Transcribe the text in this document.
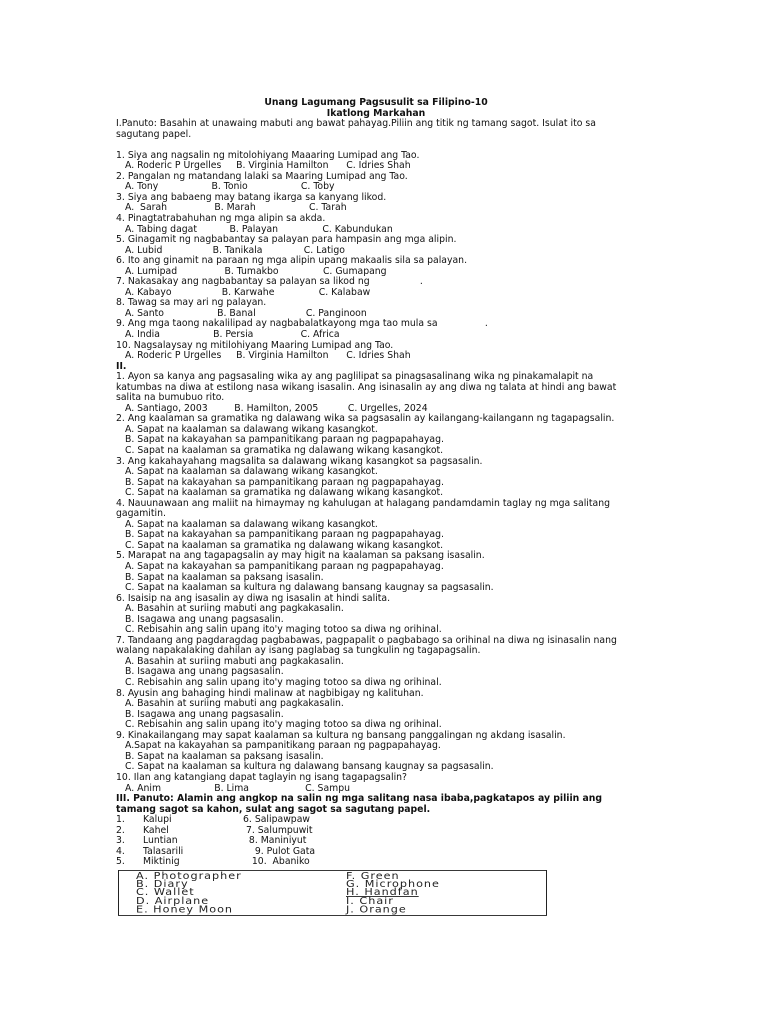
Unang Lagumang Pagsusulit sa Filipino-10
Ikatlong Markahan
I.Panuto: Basahin at unawaing mabuti ang bawat pahayag.Piliin ang titik ng tamang sagot. Isulat ito sa
sagutang papel.
1. Siya ang nagsalin ng mitolohiyang Maaaring Lumipad ang Tao.
A. Roderic P Urgelles     B. Virginia Hamilton      C. Idries Shah
2. Pangalan ng matandang lalaki sa Maaring Lumipad ang Tao.
A. Tony                  B. Tonio                  C. Toby
3. Siya ang babaeng may batang ikarga sa kanyang likod.
A.  Sarah                B. Marah                  C. Tarah
4. Pinagtatrabahuhan ng mga alipin sa akda.
A. Tabing dagat           B. Palayan               C. Kabundukan
5. Ginagamit ng nagbabantay sa palayan para hampasin ang mga alipin.
A. Lubid                 B. Tanikala              C. Latigo
6. Ito ang ginamit na paraan ng mga alipin upang makaalis sila sa palayan.
A. Lumipad                B. Tumakbo               C. Gumapang
7. Nakasakay ang nagbabantay sa palayan sa likod ng                 .
A. Kabayo                 B. Karwahe               C. Kalabaw
8. Tawag sa may ari ng palayan.
A. Santo                  B. Banal                 C. Panginoon
9. Ang mga taong nakalilipad ay nagbabalatkayong mga tao mula sa                .
A. India                  B. Persia                C. Africa
10. Nagsalaysay ng mitilohiyang Maaring Lumipad ang Tao.
A. Roderic P Urgelles     B. Virginia Hamilton      C. Idries Shah
II.
1. Ayon sa kanya ang pagsasaling wika ay ang paglilipat sa pinagsasalinang wika ng pinakamalapit na
katumbas na diwa at estilong nasa wikang isasalin. Ang isinasalin ay ang diwa ng talata at hindi ang bawat
salita na bumubuo rito.
A. Santiago, 2003         B. Hamilton, 2005          C. Urgelles, 2024
2. Ang kaalaman sa gramatika ng dalawang wika sa pagsasalin ay kailangang-kailangann ng tagapagsalin.
A. Sapat na kaalaman sa dalawang wikang kasangkot.
B. Sapat na kakayahan sa pampanitikang paraan ng pagpapahayag.
C. Sapat na kaalaman sa gramatika ng dalawang wikang kasangkot.
3. Ang kakahayahang magsalita sa dalawang wikang kasangkot sa pagsasalin.
A. Sapat na kaalaman sa dalawang wikang kasangkot.
B. Sapat na kakayahan sa pampanitikang paraan ng pagpapahayag.
C. Sapat na kaalaman sa gramatika ng dalawang wikang kasangkot.
4. Nauunawaan ang maliit na himaymay ng kahulugan at halagang pandamdamin taglay ng mga salitang
gagamitin.
A. Sapat na kaalaman sa dalawang wikang kasangkot.
B. Sapat na kakayahan sa pampanitikang paraan ng pagpapahayag.
C. Sapat na kaalaman sa gramatika ng dalawang wikang kasangkot.
5. Marapat na ang tagapagsalin ay may higit na kaalaman sa paksang isasalin.
A. Sapat na kakayahan sa pampanitikang paraan ng pagpapahayag.
B. Sapat na kaalaman sa paksang isasalin.
C. Sapat na kaalaman sa kultura ng dalawang bansang kaugnay sa pagsasalin.
6. Isaisip na ang isasalin ay diwa ng isasalin at hindi salita.
A. Basahin at suriing mabuti ang pagkakasalin.
B. Isagawa ang unang pagsasalin.
C. Rebisahin ang salin upang ito'y maging totoo sa diwa ng orihinal.
7. Tandaang ang pagdaragdag pagbabawas, pagpapalit o pagbabago sa orihinal na diwa ng isinasalin nang
walang napakalaking dahilan ay isang paglabag sa tungkulin ng tagapagsalin.
A. Basahin at suriing mabuti ang pagkakasalin.
B. Isagawa ang unang pagsasalin.
C. Rebisahin ang salin upang ito'y maging totoo sa diwa ng orihinal.
8. Ayusin ang bahaging hindi malinaw at nagbibigay ng kalituhan.
A. Basahin at suriing mabuti ang pagkakasalin.
B. Isagawa ang unang pagsasalin.
C. Rebisahin ang salin upang ito'y maging totoo sa diwa ng orihinal.
9. Kinakailangang may sapat kaalaman sa kultura ng bansang panggalingan ng akdang isasalin.
A.Sapat na kakayahan sa pampanitikang paraan ng pagpapahayag.
B. Sapat na kaalaman sa paksang isasalin.
C. Sapat na kaalaman sa kultura ng dalawang bansang kaugnay sa pagsasalin.
10. Ilan ang katangiang dapat taglayin ng isang tagapagsalin?
A. Anim                  B. Lima                   C. Sampu
III. Panuto: Alamin ang angkop na salin ng mga salitang nasa ibaba,pagkatapos ay piliin ang
tamang sagot sa kahon, sulat ang sagot sa sagutang papel.
1.	Kalupi	6. Salipawpaw
2.	Kahel	7. Salumpuwit
3.	Luntian	8. Maniniyut
4.	Talasarili	9. Pulot Gata
5.	Miktinig	10.  Abaniko
A. Photographer	F. Green
B. Diary	G. Microphone
C. Wallet	H. Handfan
D. Airplane	I. Chair
E. Honey Moon	J. Orange
